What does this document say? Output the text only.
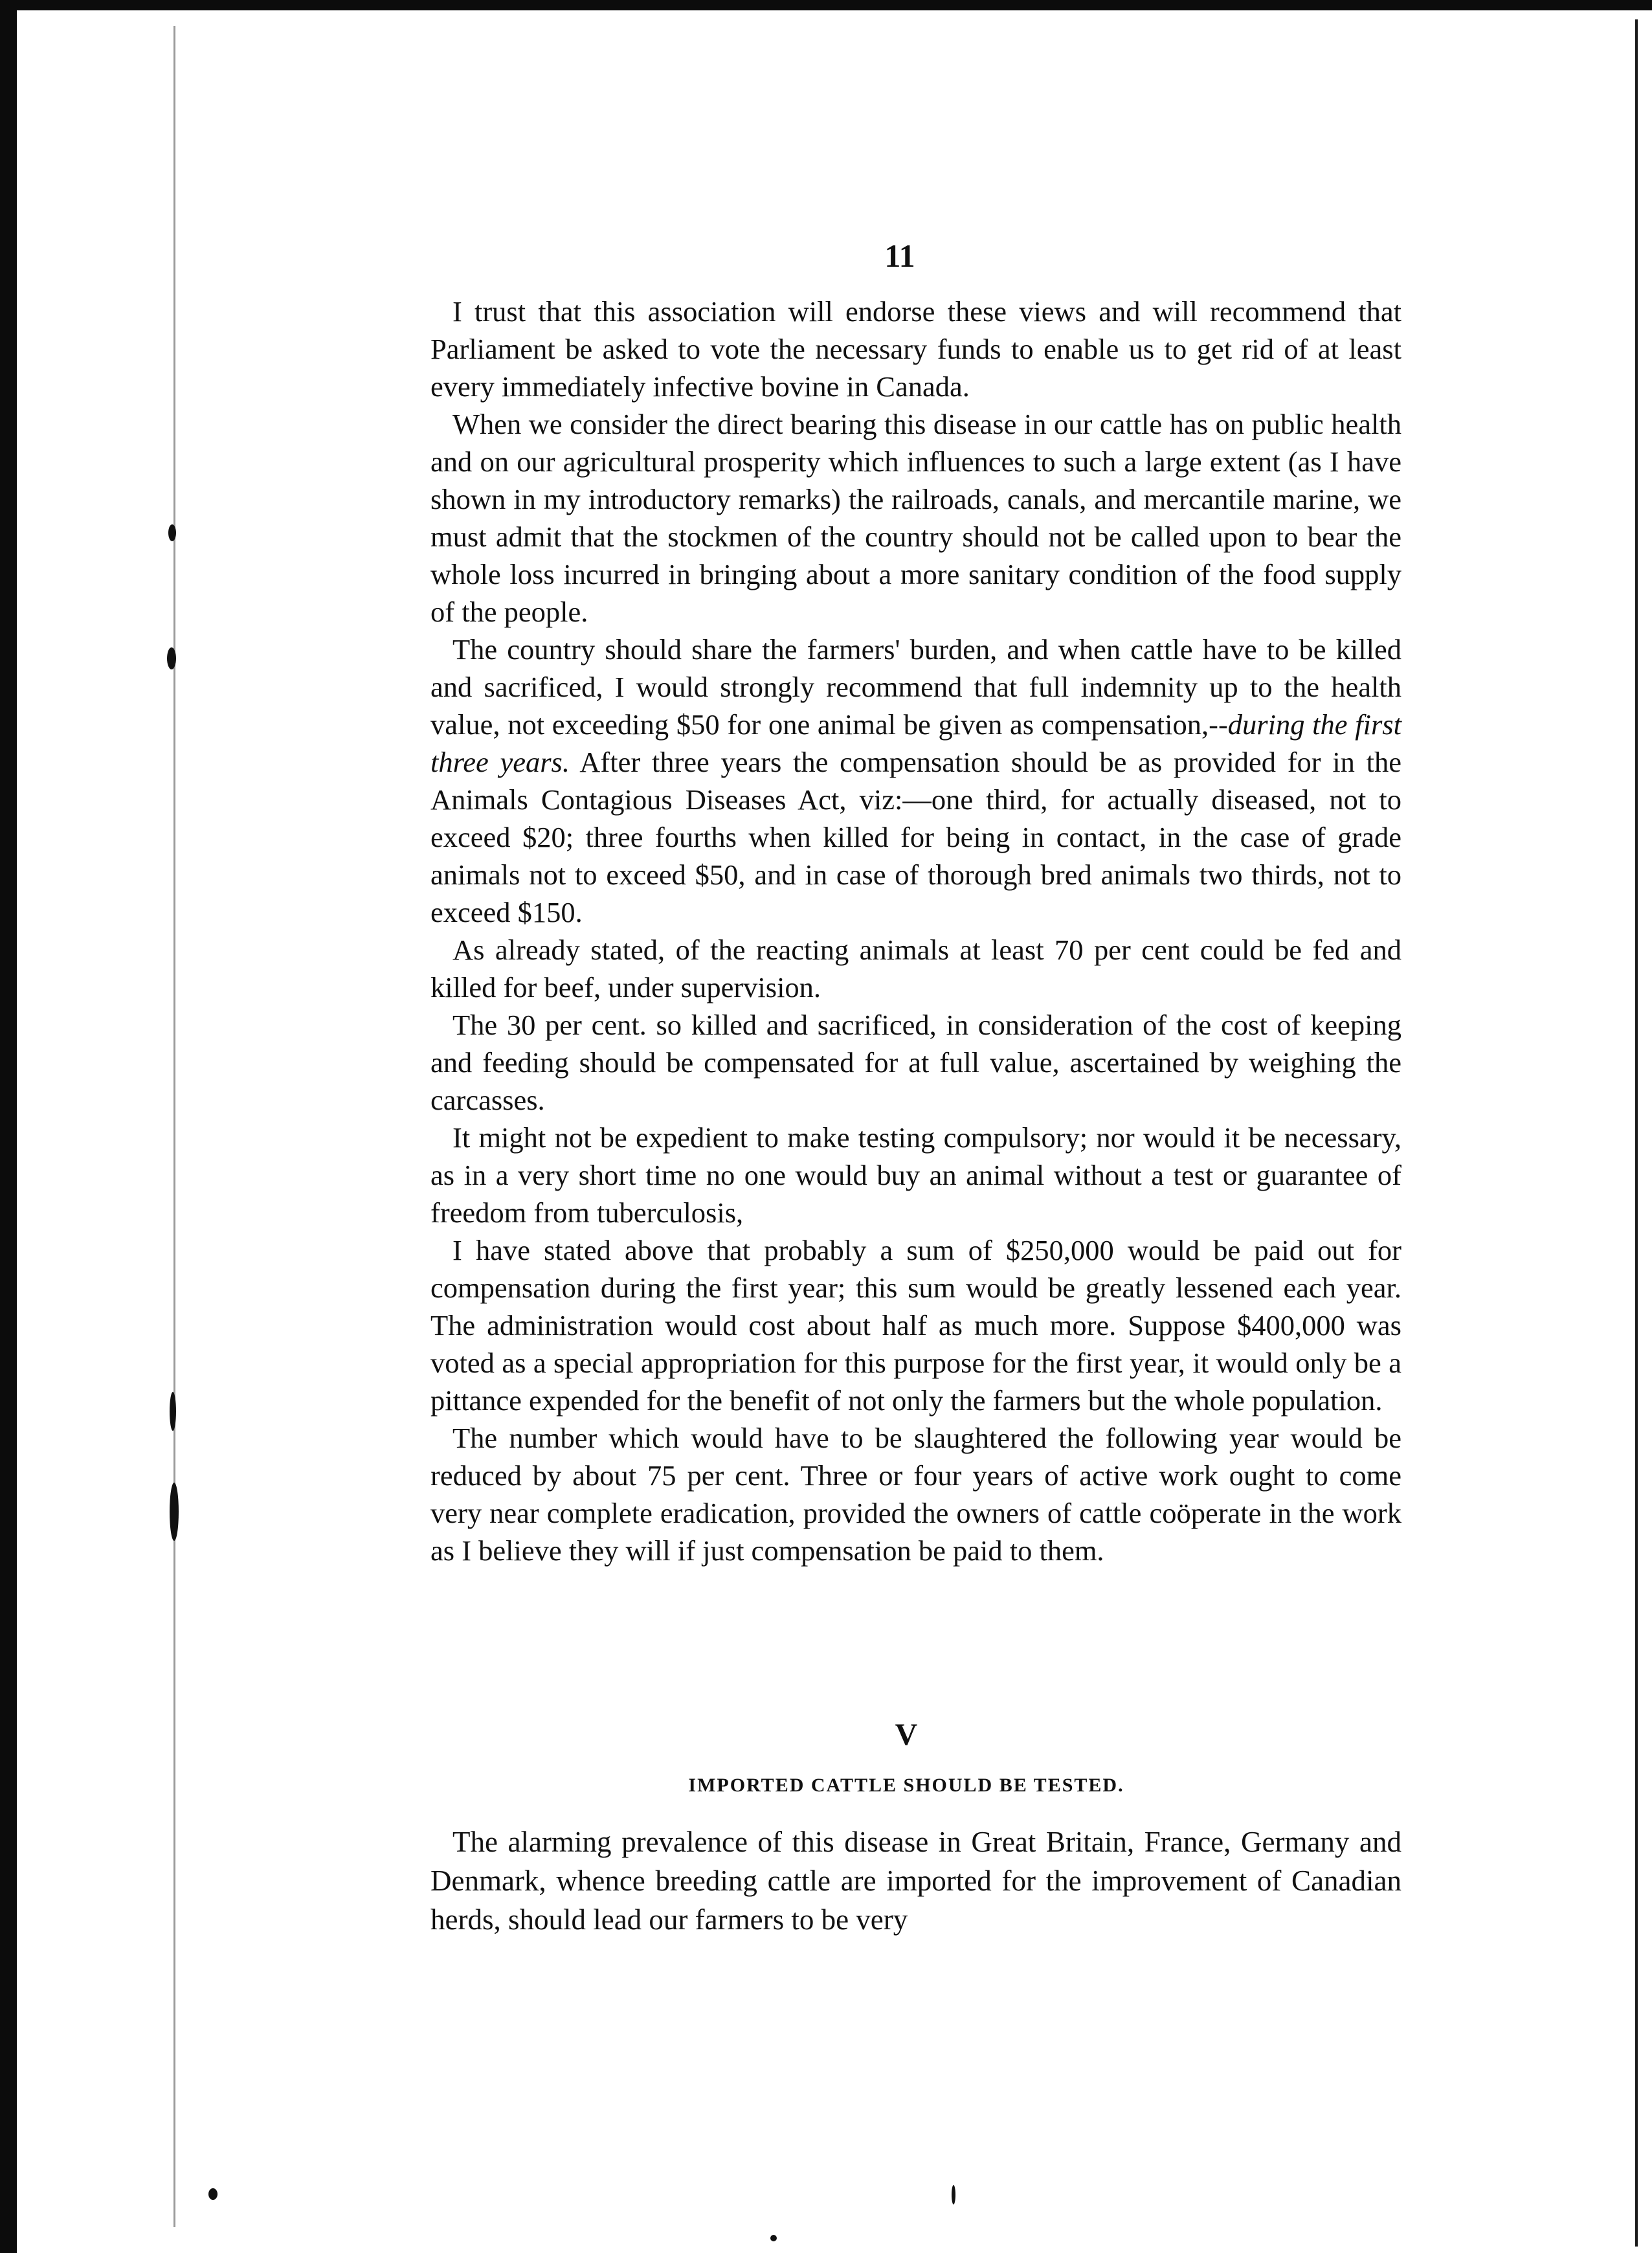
11

I trust that this association will endorse these views and will recommend that Parliament be asked to vote the necessary funds to enable us to get rid of at least every immediately infective bovine in Canada.

When we consider the direct bearing this disease in our cattle has on public health and on our agricultural prosperity which influences to such a large extent (as I have shown in my introductory remarks) the railroads, canals, and mercantile marine, we must admit that the stockmen of the country should not be called upon to bear the whole loss incurred in bringing about a more sanitary condition of the food supply of the people.

The country should share the farmers' burden, and when cattle have to be killed and sacrificed, I would strongly recommend that full indemnity up to the health value, not exceeding $50 for one animal be given as compensation,--during the first three years. After three years the compensation should be as provided for in the Animals Contagious Diseases Act, viz:—one third, for actually diseased, not to exceed $20; three fourths when killed for being in contact, in the case of grade animals not to exceed $50, and in case of thorough bred animals two thirds, not to exceed $150.

As already stated, of the reacting animals at least 70 per cent could be fed and killed for beef, under supervision.

The 30 per cent. so killed and sacrificed, in consideration of the cost of keeping and feeding should be compensated for at full value, ascertained by weighing the carcasses.

It might not be expedient to make testing compulsory; nor would it be necessary, as in a very short time no one would buy an animal without a test or guarantee of freedom from tuberculosis,

I have stated above that probably a sum of $250,000 would be paid out for compensation during the first year; this sum would be greatly lessened each year. The administration would cost about half as much more. Suppose $400,000 was voted as a special appropriation for this purpose for the first year, it would only be a pittance expended for the benefit of not only the farmers but the whole population.

The number which would have to be slaughtered the following year would be reduced by about 75 per cent. Three or four years of active work ought to come very near complete eradication, provided the owners of cattle coöperate in the work as I believe they will if just compensation be paid to them.

V
IMPORTED CATTLE SHOULD BE TESTED.

The alarming prevalence of this disease in Great Britain, France, Germany and Denmark, whence breeding cattle are imported for the improvement of Canadian herds, should lead our farmers to be very
